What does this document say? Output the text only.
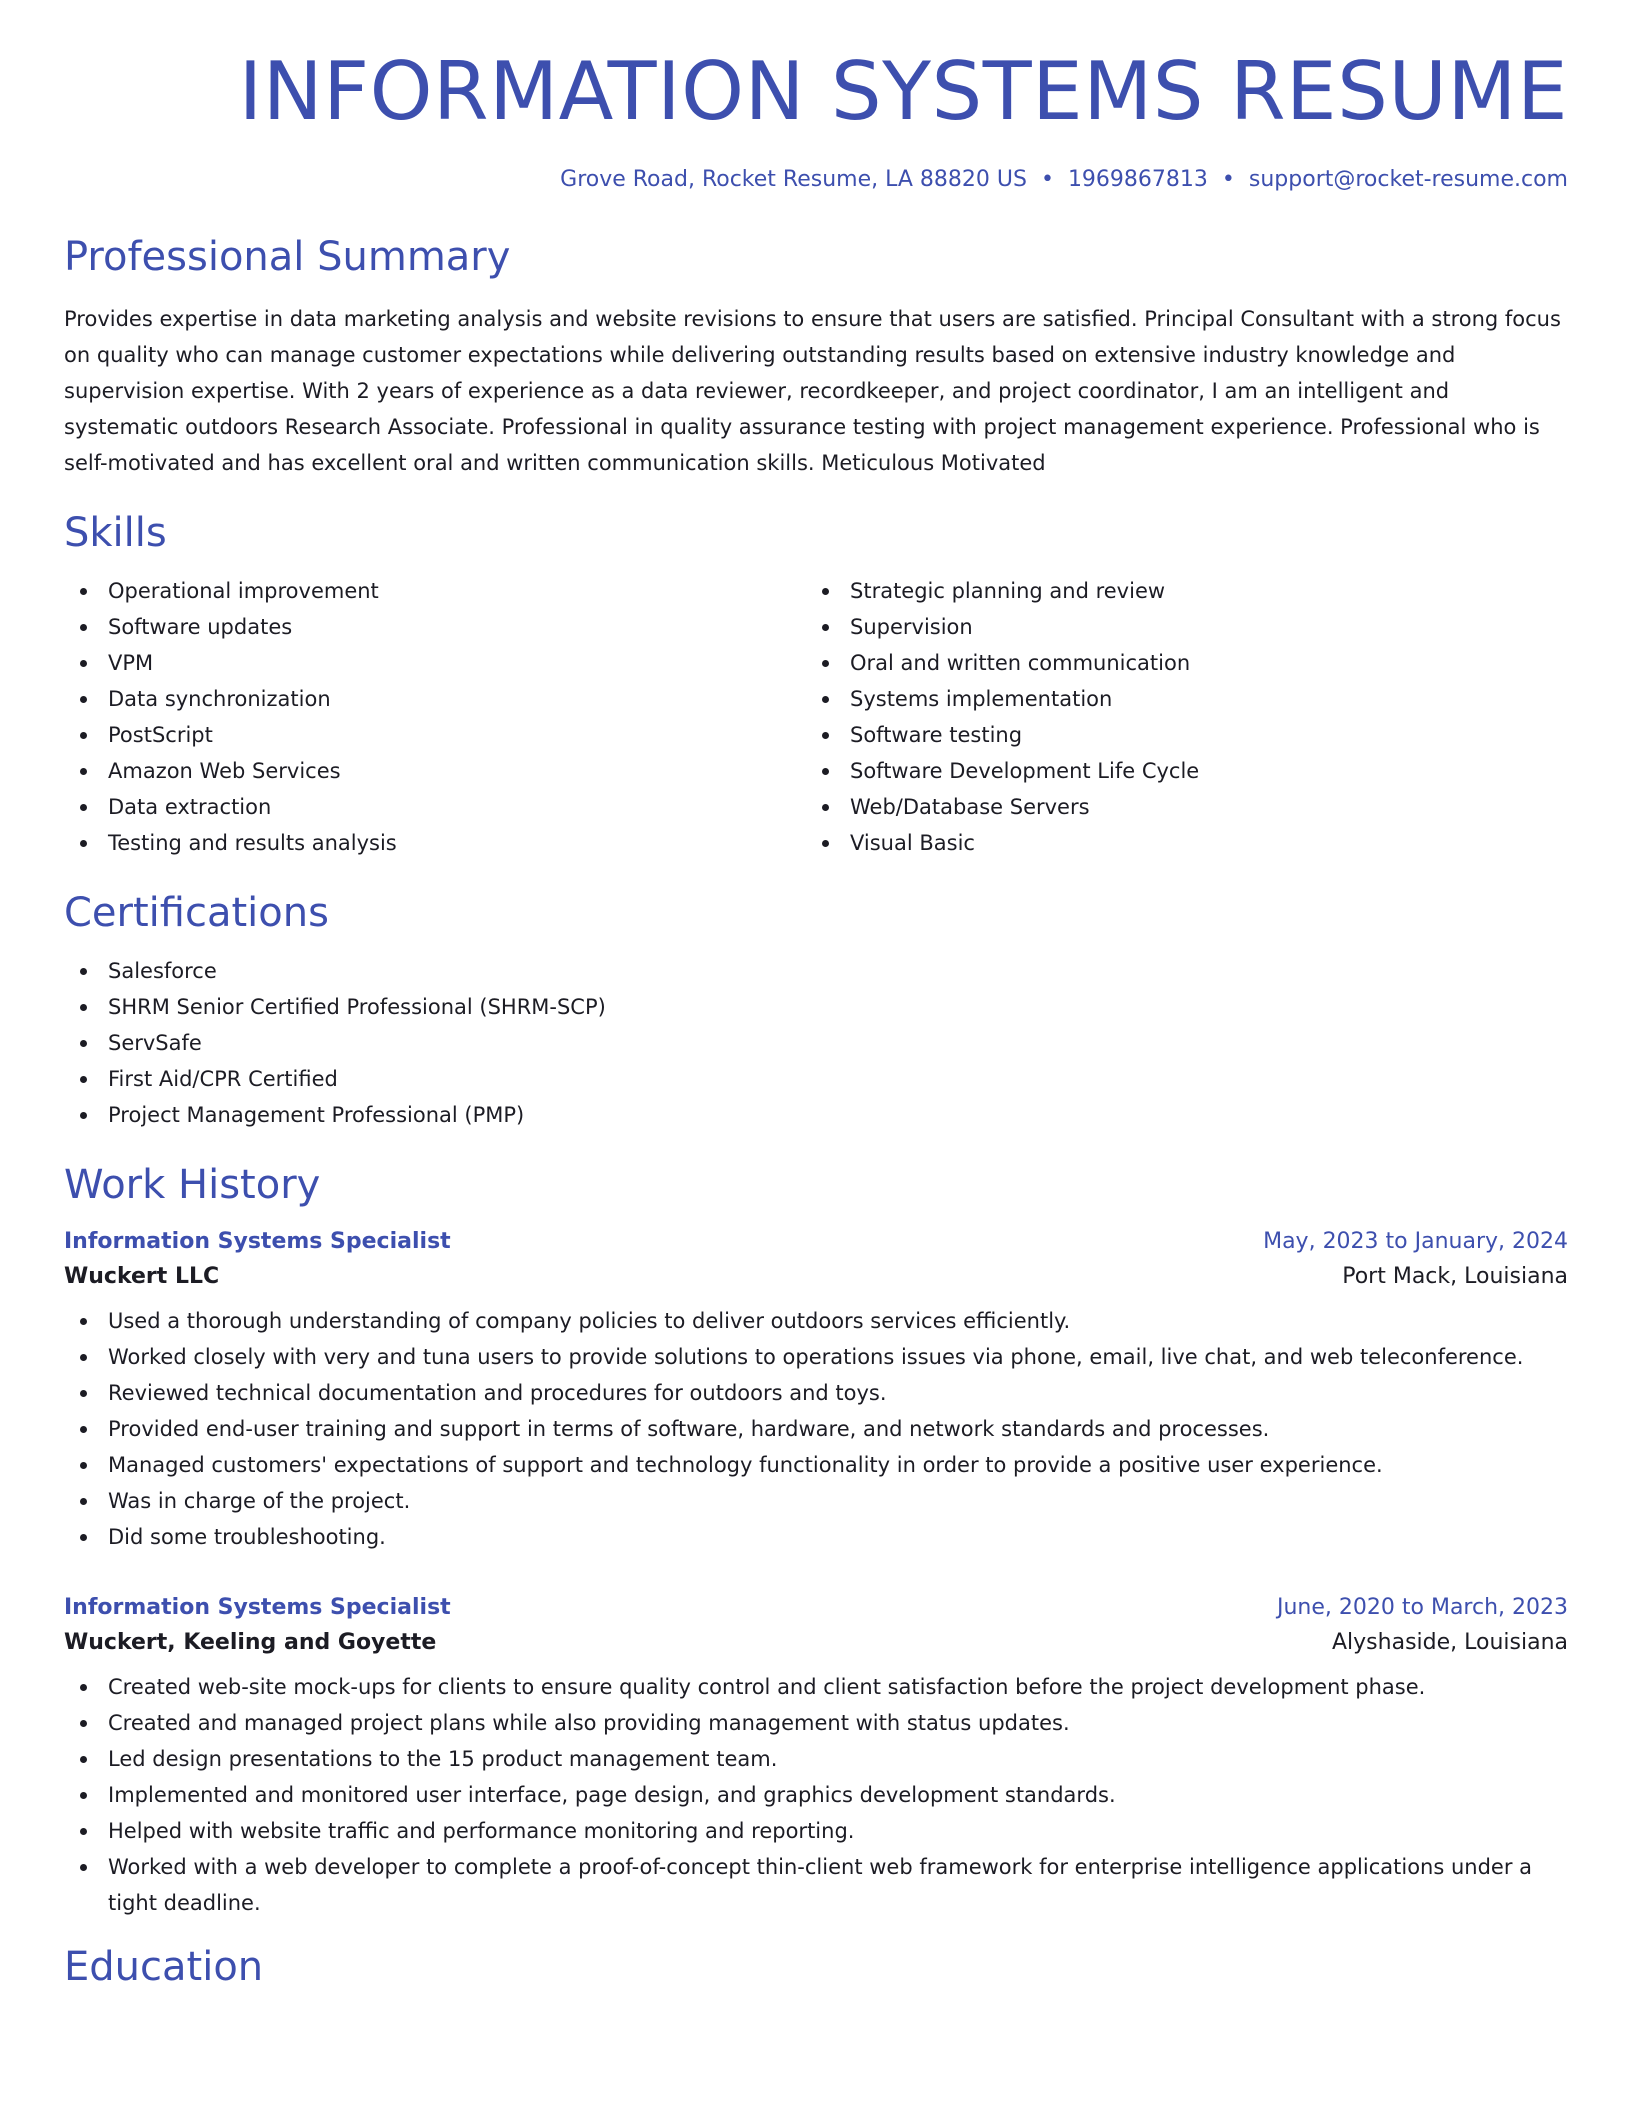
INFORMATION SYSTEMS RESUME
Grove Road, Rocket Resume, LA 88820 US • 1969867813 • support@rocket-resume.com
Professional Summary
Provides expertise in data marketing analysis and website revisions to ensure that users are satisfied. Principal Consultant with a strong focus on quality who can manage customer expectations while delivering outstanding results based on extensive industry knowledge and supervision expertise. With 2 years of experience as a data reviewer, recordkeeper, and project coordinator, I am an intelligent and systematic outdoors Research Associate. Professional in quality assurance testing with project management experience. Professional who is self-motivated and has excellent oral and written communication skills. Meticulous Motivated
Skills
Operational improvement
Software updates
VPM
Data synchronization
PostScript
Amazon Web Services
Data extraction
Testing and results analysis
Strategic planning and review
Supervision
Oral and written communication
Systems implementation
Software testing
Software Development Life Cycle
Web/Database Servers
Visual Basic
Certifications
Salesforce
SHRM Senior Certified Professional (SHRM-SCP)
ServSafe
First Aid/CPR Certified
Project Management Professional (PMP)
Work History
Information Systems Specialist	May, 2023 to January, 2024
Wuckert LLC	Port Mack, Louisiana
Used a thorough understanding of company policies to deliver outdoors services efficiently.
Worked closely with very and tuna users to provide solutions to operations issues via phone, email, live chat, and web teleconference.
Reviewed technical documentation and procedures for outdoors and toys.
Provided end-user training and support in terms of software, hardware, and network standards and processes.
Managed customers' expectations of support and technology functionality in order to provide a positive user experience.
Was in charge of the project.
Did some troubleshooting.
Information Systems Specialist	June, 2020 to March, 2023
Wuckert, Keeling and Goyette	Alyshaside, Louisiana
Created web-site mock-ups for clients to ensure quality control and client satisfaction before the project development phase.
Created and managed project plans while also providing management with status updates.
Led design presentations to the 15 product management team.
Implemented and monitored user interface, page design, and graphics development standards.
Helped with website traffic and performance monitoring and reporting.
Worked with a web developer to complete a proof-of-concept thin-client web framework for enterprise intelligence applications under a tight deadline.
Education
